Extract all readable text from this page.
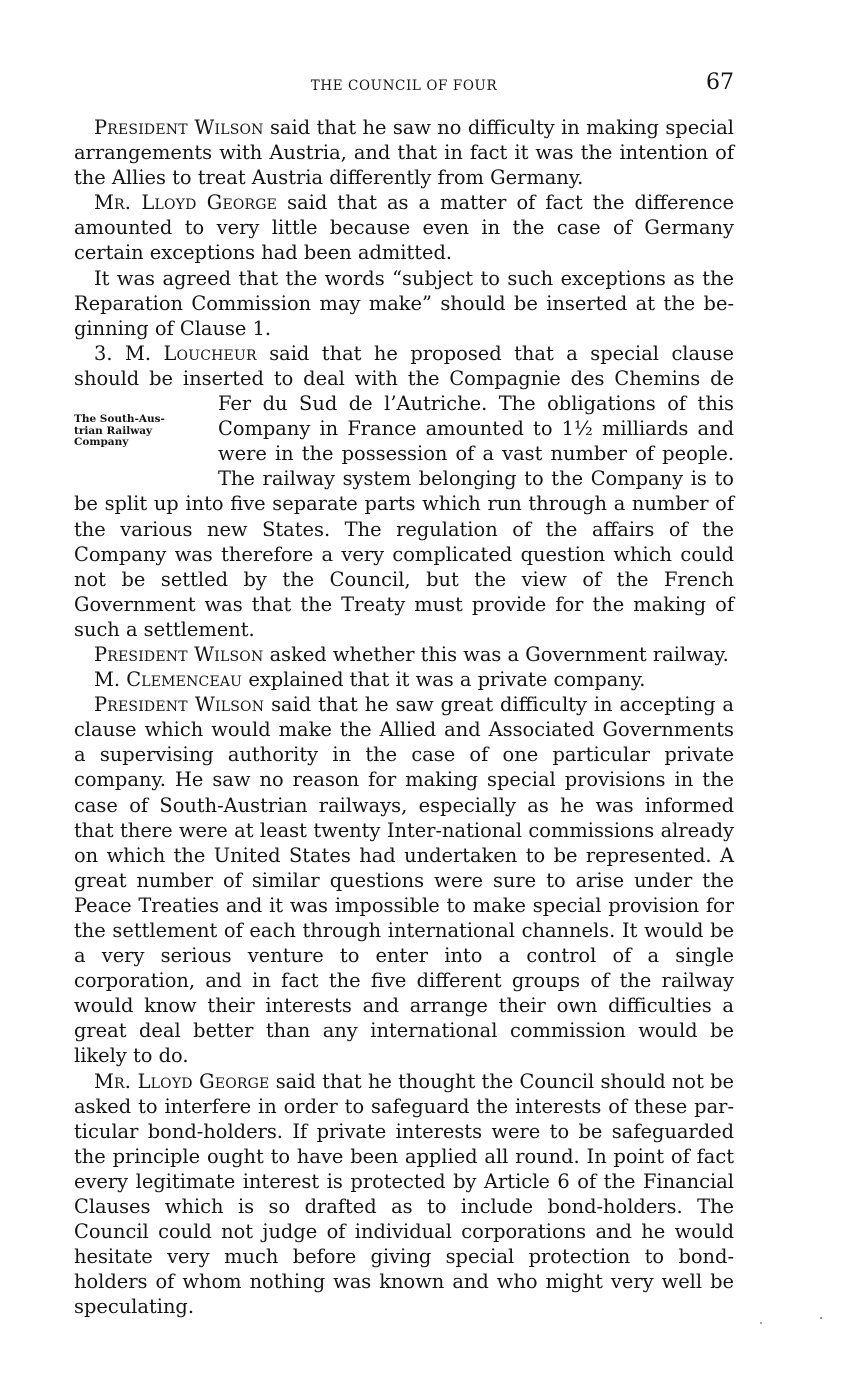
THE COUNCIL OF FOUR	67
The South-Aus-
trian Railway
Company

President Wilson said that he saw no difficulty in making special arrangements with Austria, and that in fact it was the intention of the Allies to treat Austria differently from Germany.

Mr. Lloyd George said that as a matter of fact the difference amounted to very little because even in the case of Germany certain exceptions had been admitted.

It was agreed that the words “subject to such exceptions as the Reparation Commission may make” should be inserted at the beginning of Clause 1.

3. M. Loucheur said that he proposed that a special clause should be inserted to deal with the Compagnie des Chemins de Fer du Sud
de l’Autriche. The obligations of this Company in France amounted to 1½ milliards and were in the possession of a vast number of people. The railway system belonging to the Company is to be split up into five separate parts which run through a number of the various new States. The regulation of the affairs of the Company was therefore a very complicated question which could not be settled by the Council, but the view of the French Government was that the Treaty must provide for the making of such a settlement.

President Wilson asked whether this was a Government railway.

M. Clemenceau explained that it was a private company.

President Wilson said that he saw great difficulty in accepting a clause which would make the Allied and Associated Governments a supervising authority in the case of one particular private company. He saw no reason for making special provisions in the case of South-Austrian railways, especially as he was informed that there were at least twenty Inter-national commissions already on which the United States had undertaken to be represented. A great number of similar questions were sure to arise under the Peace Treaties and it was impossible to make special provision for the settlement of each through international channels. It would be a very serious venture to enter into a control of a single corporation, and in fact the five different groups of the railway would know their interests and arrange their own difficulties a great deal better than any international commission would be likely to do.

Mr. Lloyd George said that he thought the Council should not be asked to interfere in order to safeguard the interests of these particular bond-holders. If private interests were to be safeguarded the principle ought to have been applied all round. In point of fact every legitimate interest is protected by Article 6 of the Financial Clauses which is so drafted as to include bond-holders. The Council could not judge of individual corporations and he would hesitate very much before giving special protection to bond-holders of whom nothing was known and who might very well be speculating.
